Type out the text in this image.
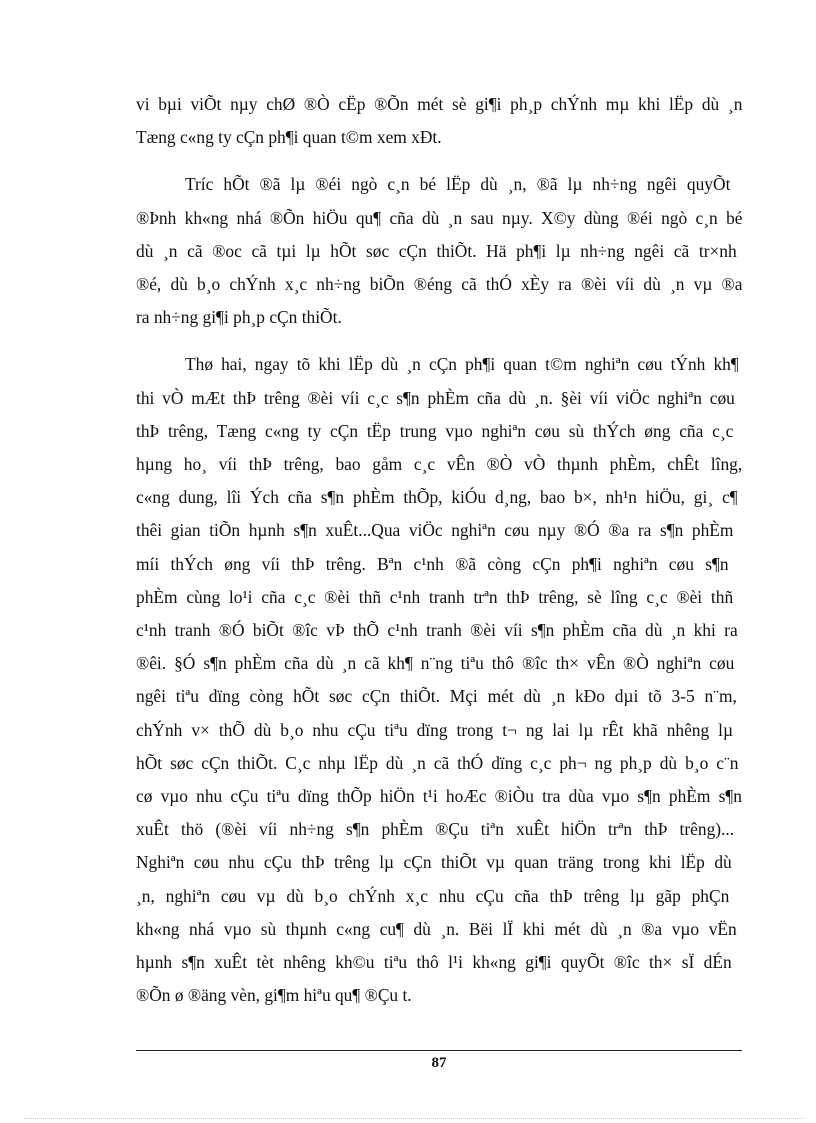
vi bµi viÕt nµy chØ ®Ò cËp ®Õn mét sè gi¶i ph¸p chÝnh mµ khi lËp dù ¸n
Tæng c«ng ty cÇn ph¶i quan t©m xem xÐt.

Tríc hÕt ®ã lµ ®éi ngò c¸n bé lËp dù ¸n, ®ã lµ nh÷ng ngêi quyÕt
®Þnh kh«ng nhá ®Õn hiÖu qu¶ cña dù ¸n sau nµy. X©y dùng ®éi ngò c¸n bé
dù ¸n cã ®oc cã tµi lµ hÕt søc cÇn thiÕt. Hä ph¶i lµ nh÷ng ngêi cã tr×nh
®é, dù b¸o chÝnh x¸c nh÷ng biÕn ®éng cã thÓ xÈy ra ®èi víi dù ¸n vµ ®a
ra nh÷ng gi¶i ph¸p cÇn thiÕt.

Thø hai, ngay tõ khi lËp dù ¸n cÇn ph¶i quan t©m nghiªn cøu tÝnh kh¶
thi vÒ mÆt thÞ trêng ®èi víi c¸c s¶n phÈm cña dù ¸n. §èi víi viÖc nghiªn cøu
thÞ trêng, Tæng c«ng ty cÇn tËp trung vµo nghiªn cøu sù thÝch øng cña c¸c
hµng ho¸ víi thÞ trêng, bao gåm c¸c vÊn ®Ò vÒ thµnh phÈm, chÊt lîng,
c«ng dung, lîi Ých cña s¶n phÈm thÕp, kiÓu d¸ng, bao b×, nh¹n hiÖu, gi¸ c¶
thêi gian tiÕn hµnh s¶n xuÊt...Qua viÖc nghiªn cøu nµy ®Ó ®a ra s¶n phÈm
míi thÝch øng víi thÞ trêng. Bªn c¹nh ®ã còng cÇn ph¶i nghiªn cøu s¶n
phÈm cùng lo¹i cña c¸c ®èi thñ c¹nh tranh trªn thÞ trêng, sè lîng c¸c ®èi thñ
c¹nh tranh ®Ó biÕt ®îc vÞ thÕ c¹nh tranh ®èi víi s¶n phÈm cña dù ¸n khi ra
®êi. §Ó s¶n phÈm cña dù ¸n cã kh¶ n¨ng tiªu thô ®îc th× vÊn ®Ò nghiªn cøu
ngêi tiªu dïng còng hÕt søc cÇn thiÕt. Mçi mét dù ¸n kÐo dµi tõ 3-5 n¨m,
chÝnh v× thÕ dù b¸o nhu cÇu tiªu dïng trong t¬ ng lai lµ rÊt khã nhêng lµ
hÕt søc cÇn thiÕt. C¸c nhµ lËp dù ¸n cã thÓ dïng c¸c ph¬ ng ph¸p dù b¸o c¨n
cø vµo nhu cÇu tiªu dïng thÕp hiÖn t¹i hoÆc ®iÒu tra dùa vµo s¶n phÈm s¶n
xuÊt thö (®èi víi nh÷ng s¶n phÈm ®Çu tiªn xuÊt hiÖn trªn thÞ trêng)...
Nghiªn cøu nhu cÇu thÞ trêng lµ cÇn thiÕt vµ quan träng trong khi lËp dù
¸n, nghiªn cøu vµ dù b¸o chÝnh x¸c nhu cÇu cña thÞ trêng lµ gãp phÇn
kh«ng nhá vµo sù thµnh c«ng cu¶ dù ¸n. Bëi lÏ khi mét dù ¸n ®a vµo vËn
hµnh s¶n xuÊt tèt nhêng kh©u tiªu thô l¹i kh«ng gi¶i quyÕt ®îc th× sÏ dÉn
®Õn ø ®äng vèn, gi¶m hiªu qu¶ ®Çu t.

87
